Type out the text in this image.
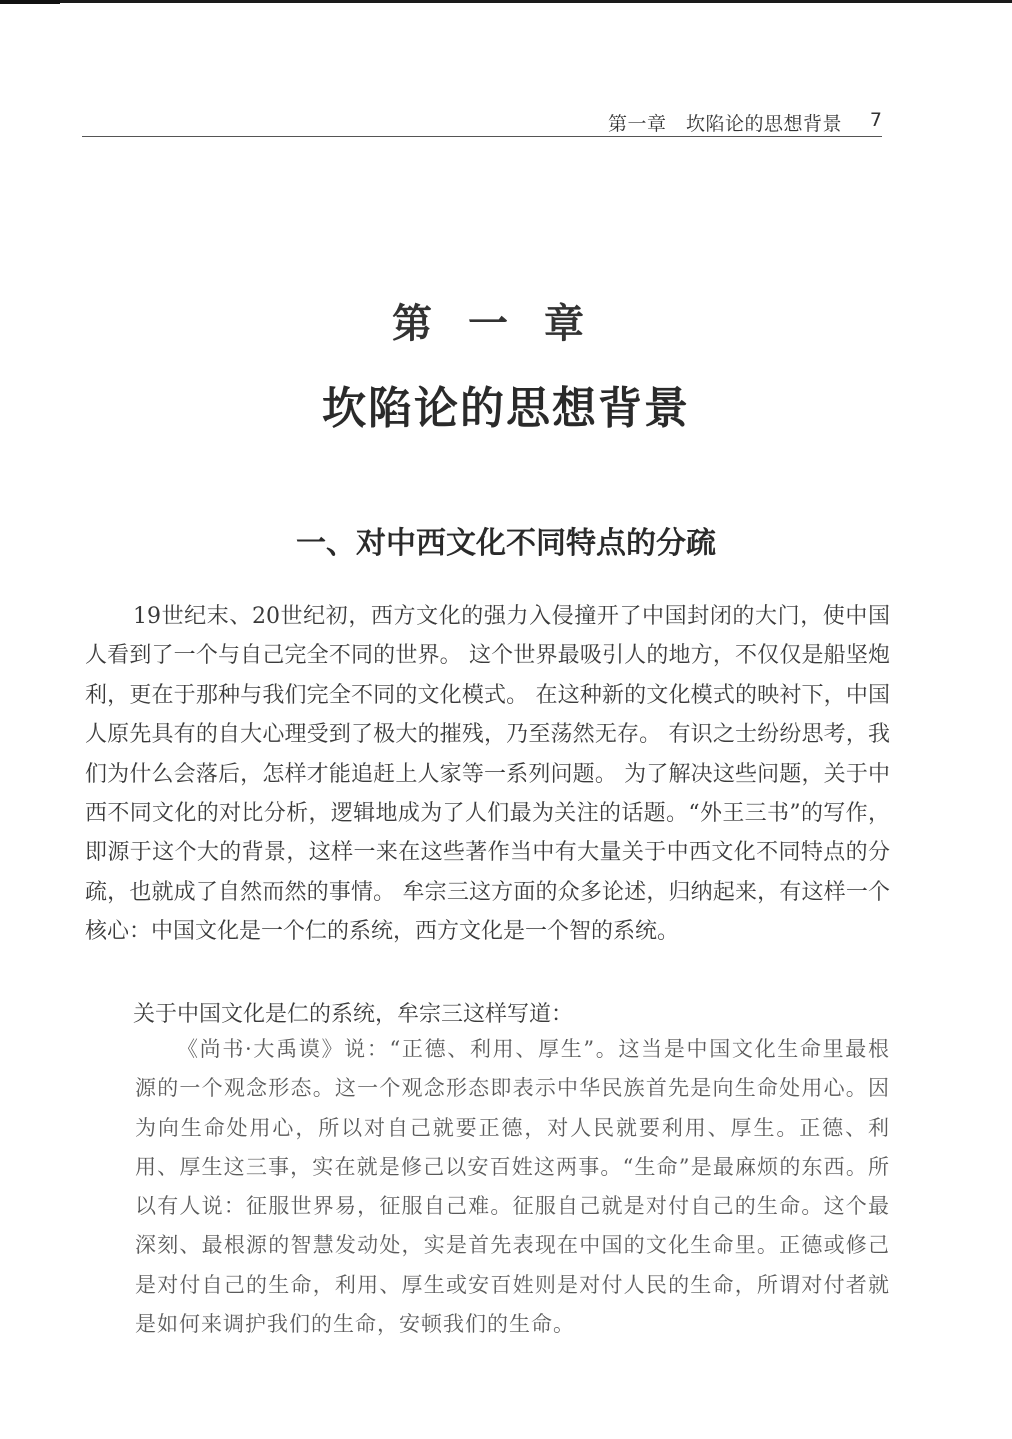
第一章　坎陷论的思想背景 7
第一章
坎陷论的思想背景
一、对中西文化不同特点的分疏

19世纪末、20世纪初，西方文化的强力入侵撞开了中国封闭的大门，使中国人看到了一个与自己完全不同的世界。 这个世界最吸引人的地方，不仅仅是船坚炮利，更在于那种与我们完全不同的文化模式。 在这种新的文化模式的映衬下，中国人原先具有的自大心理受到了极大的摧残，乃至荡然无存。 有识之士纷纷思考，我们为什么会落后，怎样才能追赶上人家等一系列问题。 为了解决这些问题，关于中西不同文化的对比分析，逻辑地成为了人们最为关注的话题。“外王三书”的写作，即源于这个大的背景，这样一来在这些著作当中有大量关于中西文化不同特点的分疏，也就成了自然而然的事情。 牟宗三这方面的众多论述，归纳起来，有这样一个核心：中国文化是一个仁的系统，西方文化是一个智的系统。

关于中国文化是仁的系统，牟宗三这样写道：

《尚书·大禹谟》说：“正德、利用、厚生”。这当是中国文化生命里最根源的一个观念形态。这一个观念形态即表示中华民族首先是向生命处用心。因为向生命处用心，所以对自己就要正德，对人民就要利用、厚生。正德、利用、厚生这三事，实在就是修己以安百姓这两事。“生命”是最麻烦的东西。所以有人说：征服世界易，征服自己难。征服自己就是对付自己的生命。这个最深刻、最根源的智慧发动处，实是首先表现在中国的文化生命里。正德或修己是对付自己的生命，利用、厚生或安百姓则是对付人民的生命，所谓对付者就是如何来调护我们的生命，安顿我们的生命。
